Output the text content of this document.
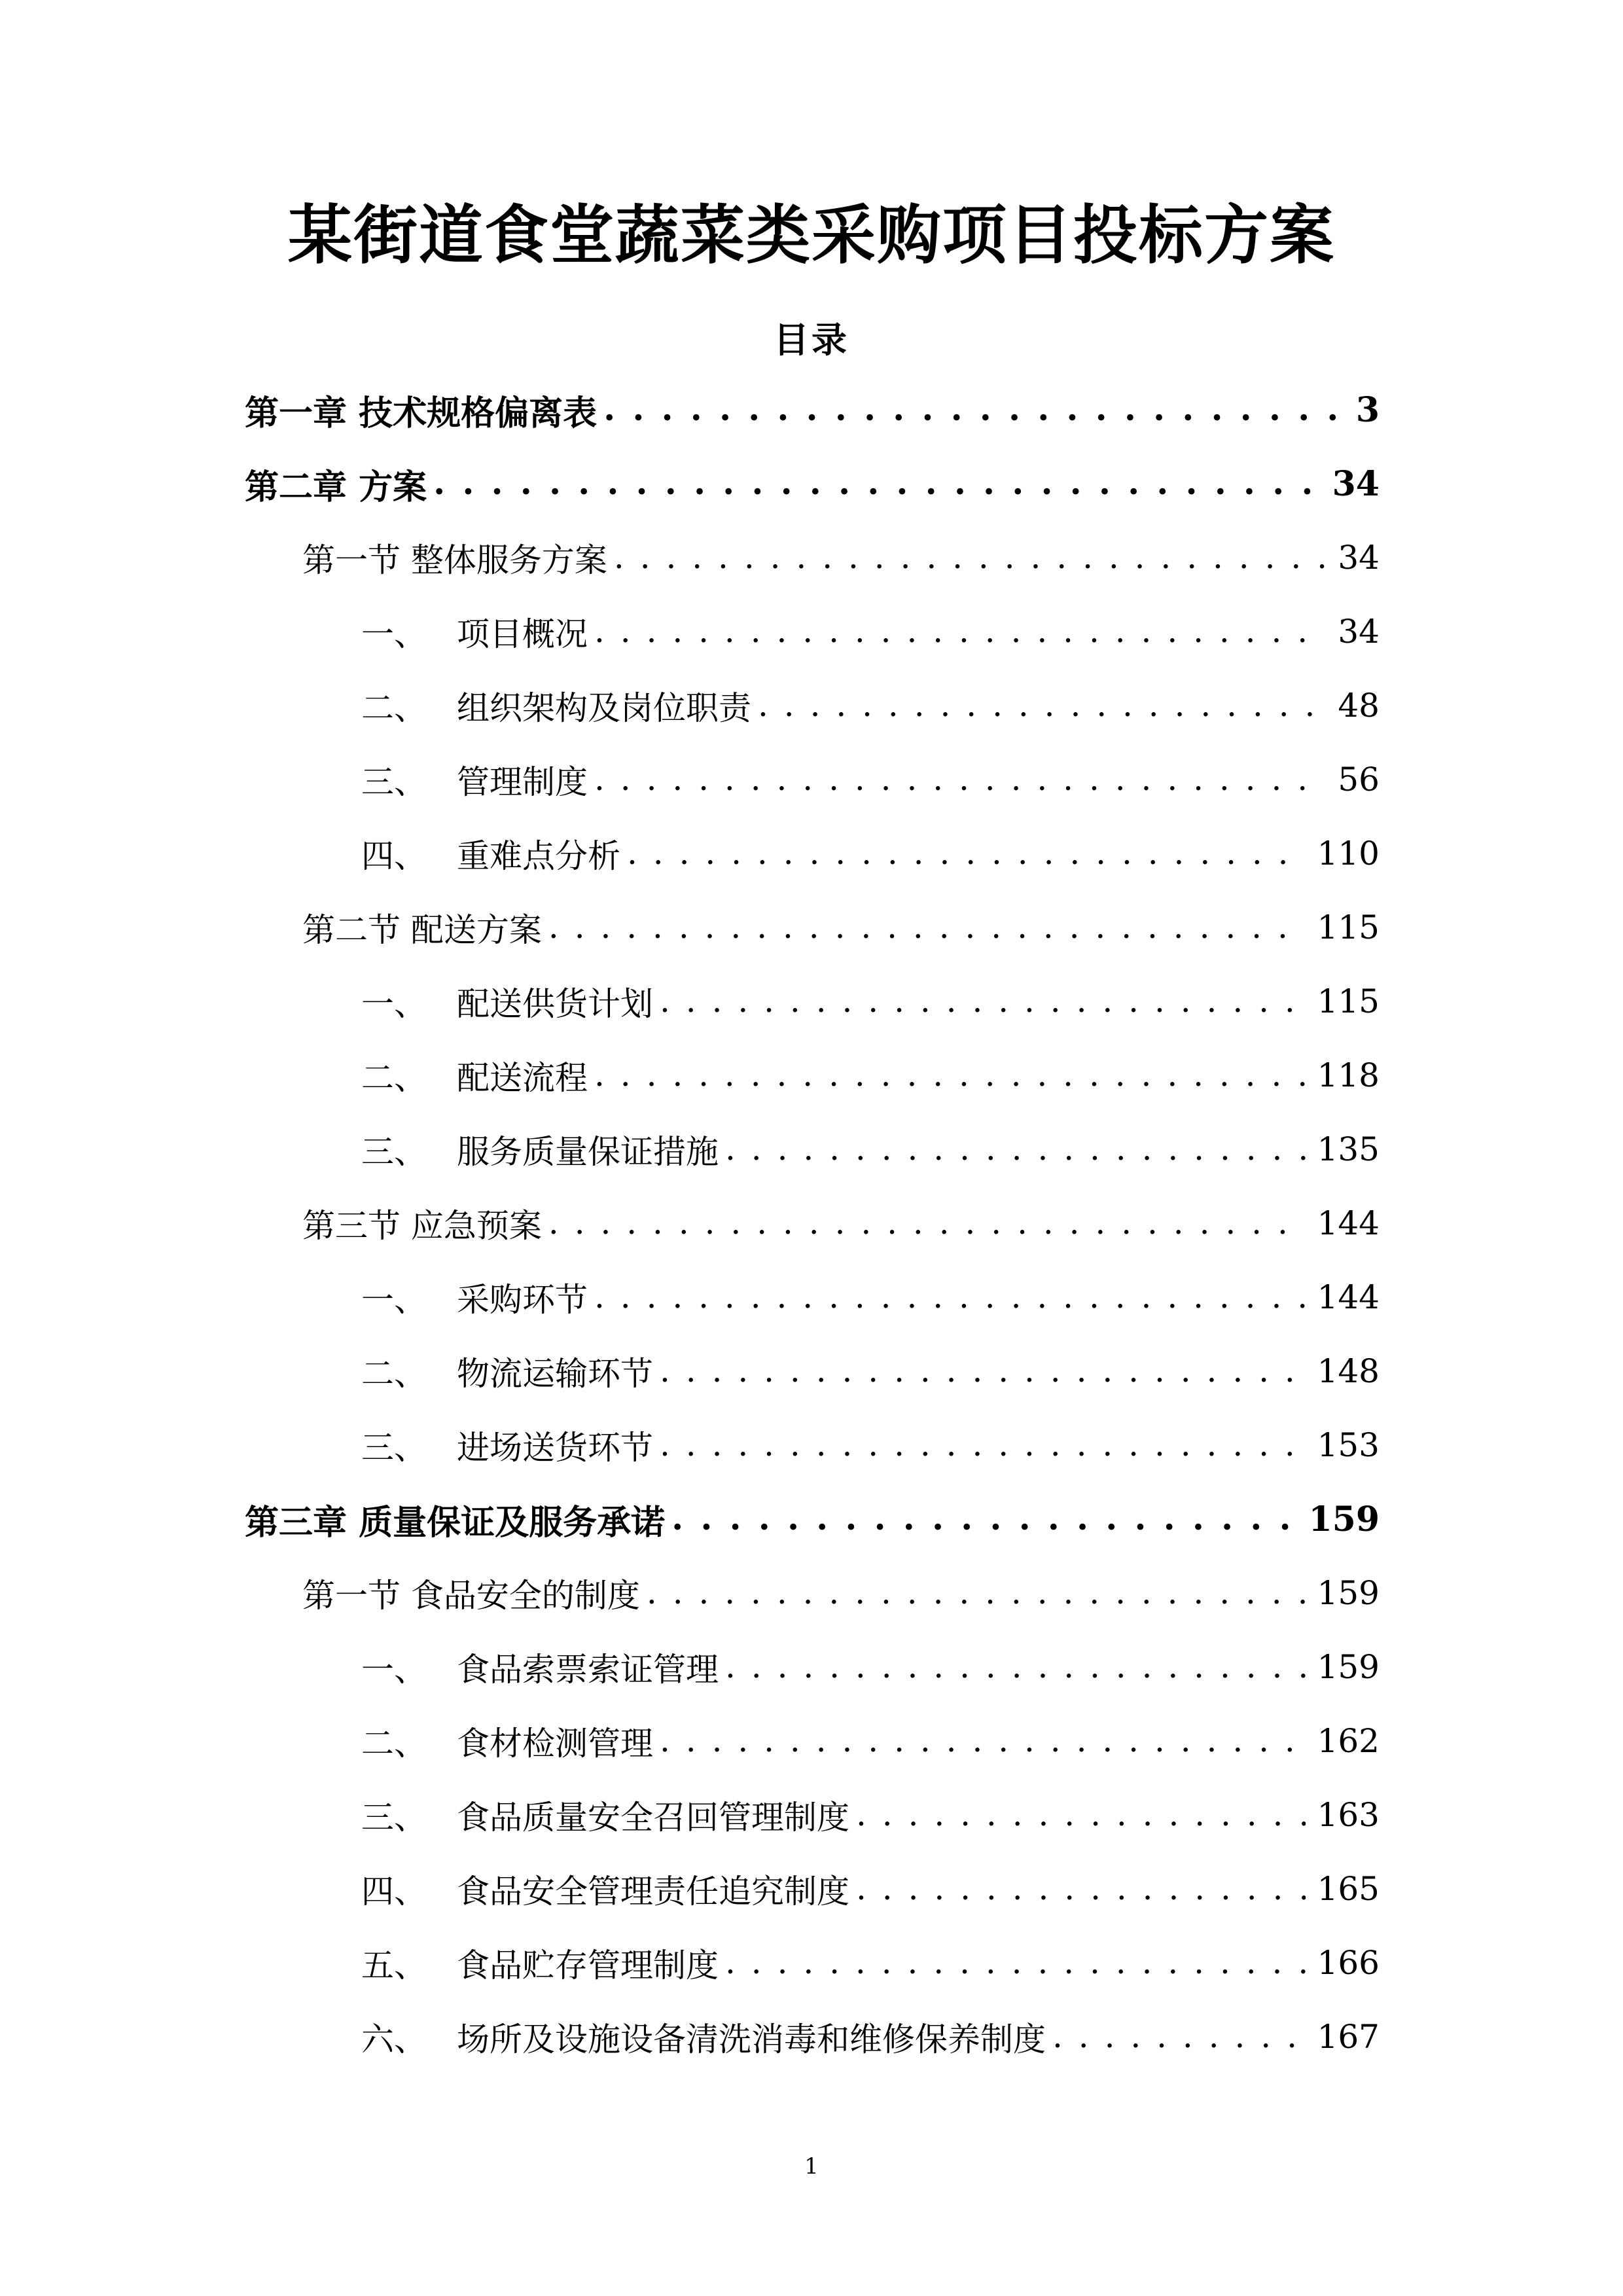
某街道食堂蔬菜类采购项目投标方案
目录
第一章 技术规格偏离表 . . .	3
第二章 方案 . . .	34
第一节 整体服务方案 . . .	34
一、 项目概况 . . .	34
二、 组织架构及岗位职责 . . .	48
三、 管理制度 . . .	56
四、 重难点分析 . . .	110
第二节 配送方案 . . .	115
一、 配送供货计划 . . .	115
二、 配送流程 . . .	118
三、 服务质量保证措施 . . .	135
第三节 应急预案 . . .	144
一、 采购环节 . . .	144
二、 物流运输环节 . . .	148
三、 进场送货环节 . . .	153
第三章 质量保证及服务承诺 . . .	159
第一节 食品安全的制度 . . .	159
一、 食品索票索证管理 . . .	159
二、 食材检测管理 . . .	162
三、 食品质量安全召回管理制度 . . .	163
四、 食品安全管理责任追究制度 . . .	165
五、 食品贮存管理制度 . . .	166
六、 场所及设施设备清洗消毒和维修保养制度 . . .	167
1
